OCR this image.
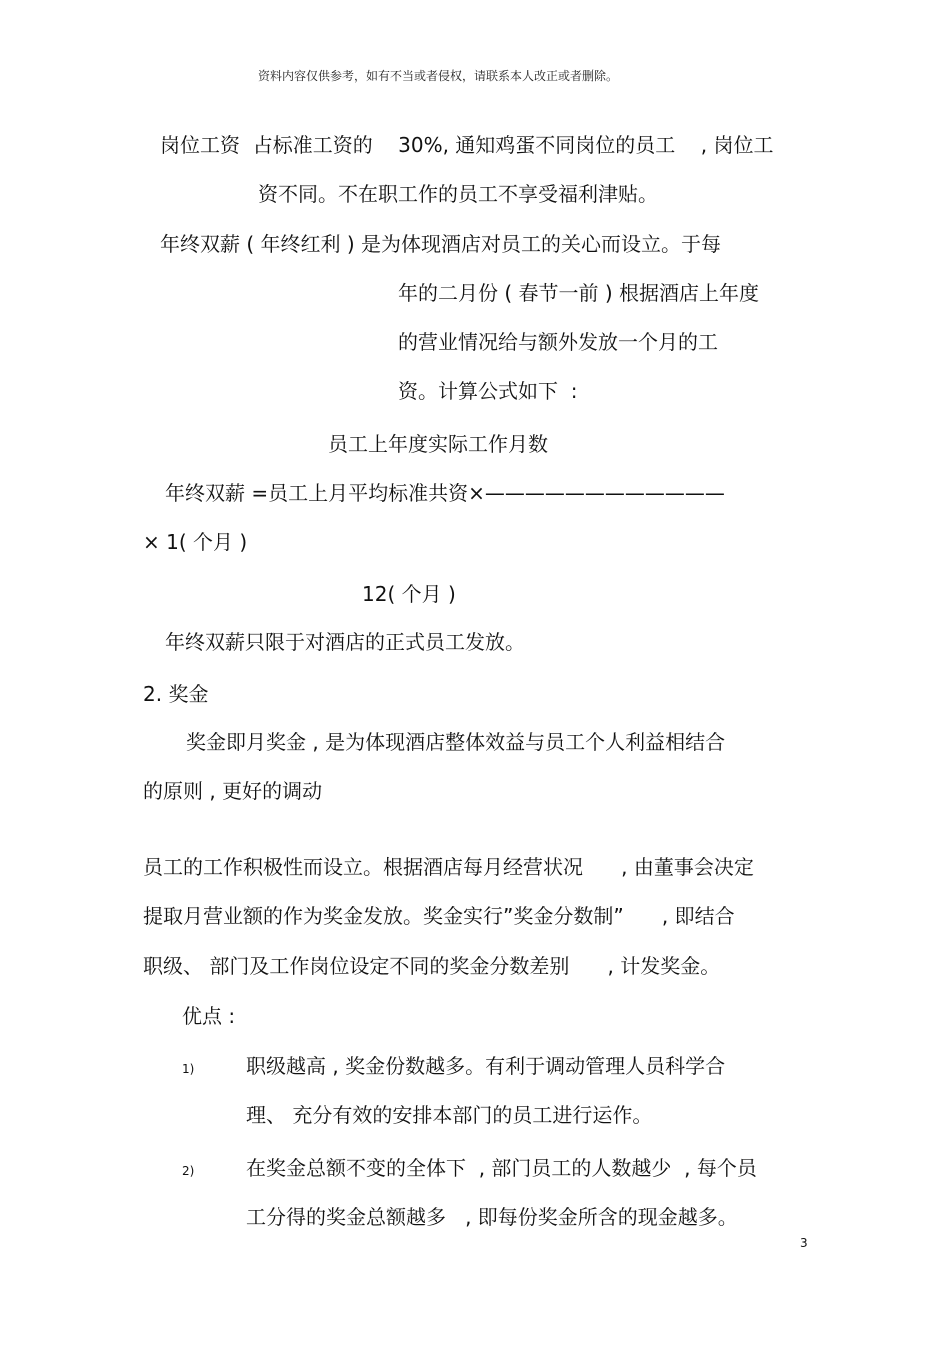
资料内容仅供参考，如有不当或者侵权，请联系本人改正或者删除。
岗位工资  占标准工资的    30%, 通知鸡蛋不同岗位的员工    , 岗位工
资不同。不在职工作的员工不享受福利津贴。
年终双薪 ( 年终红利 ) 是为体现酒店对员工的关心而设立。于每
年的二月份 ( 春节一前 ) 根据酒店上年度
的营业情况给与额外发放一个月的工
资。计算公式如下  :
员工上年度实际工作月数
年终双薪 =员工上月平均标准共资×————————————
× 1( 个月 )
12( 个月 )
年终双薪只限于对酒店的正式员工发放。
2. 奖金
奖金即月奖金 , 是为体现酒店整体效益与员工个人利益相结合
的原则 , 更好的调动
员工的工作积极性而设立。根据酒店每月经营状况      , 由董事会决定
提取月营业额的作为奖金发放。奖金实行”奖金分数制”      , 即结合
职级、 部门及工作岗位设定不同的奖金分数差别      , 计发奖金。
优点 :
1)	职级越高 , 奖金份数越多。有利于调动管理人员科学合
理、 充分有效的安排本部门的员工进行运作。
2)	在奖金总额不变的全体下  , 部门员工的人数越少  , 每个员
工分得的奖金总额越多   , 即每份奖金所含的现金越多。
3
